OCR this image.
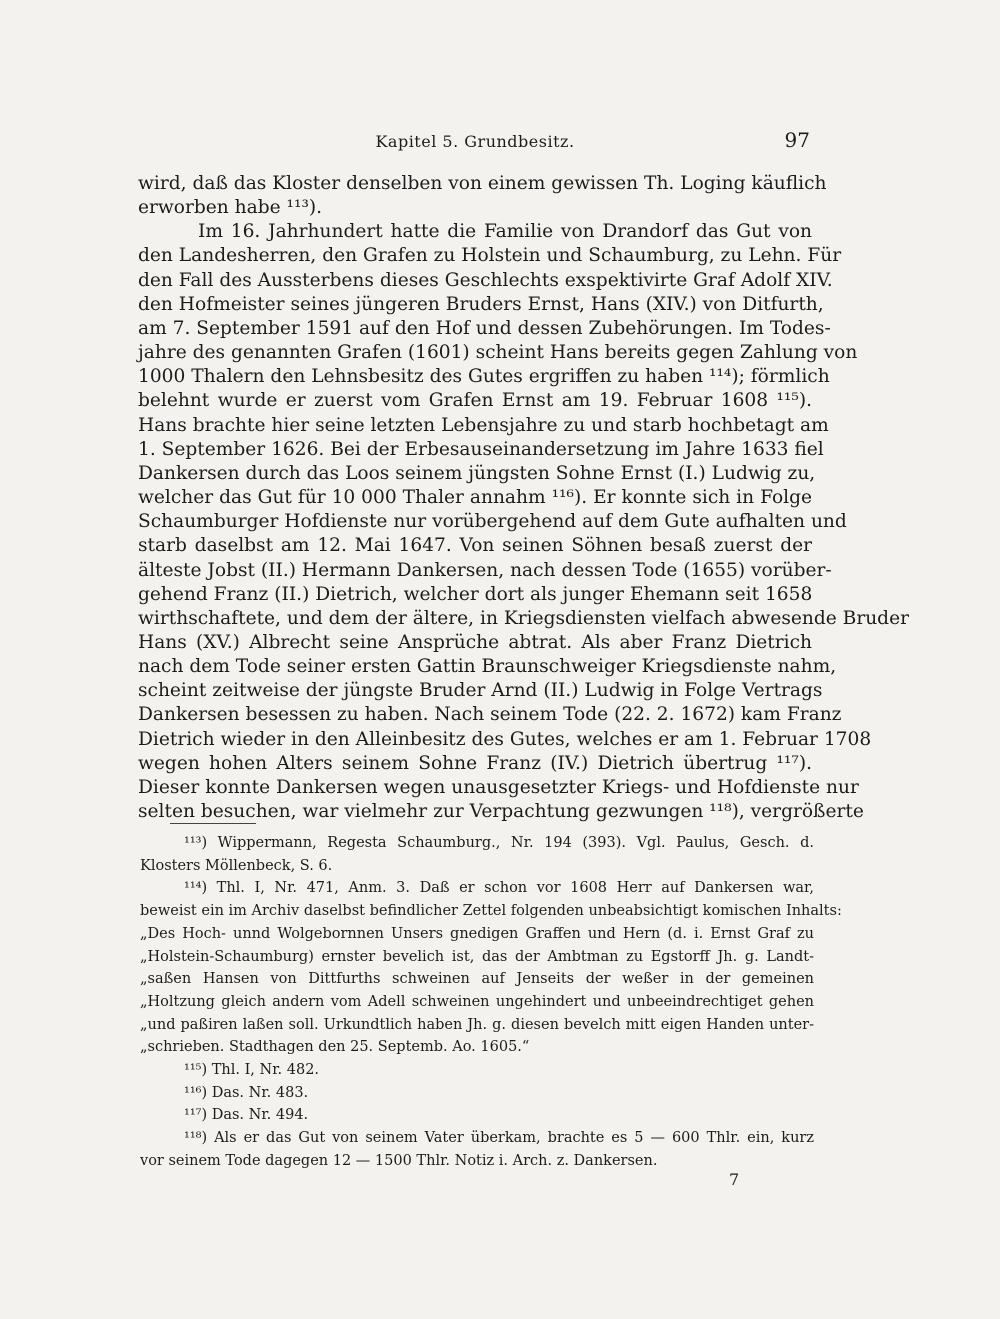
Kapitel 5. Grundbesitz.	97
wird, daß das Kloster denselben von einem gewissen Th. Loging käuflich
erworben habe ¹¹³).
Im 16. Jahrhundert hatte die Familie von Drandorf das Gut von
den Landesherren, den Grafen zu Holstein und Schaumburg, zu Lehn. Für
den Fall des Aussterbens dieses Geschlechts exspektivirte Graf Adolf XIV.
den Hofmeister seines jüngeren Bruders Ernst, Hans (XIV.) von Ditfurth,
am 7. September 1591 auf den Hof und dessen Zubehörungen. Im Todes-
jahre des genannten Grafen (1601) scheint Hans bereits gegen Zahlung von
1000 Thalern den Lehnsbesitz des Gutes ergriffen zu haben ¹¹⁴); förmlich
belehnt wurde er zuerst vom Grafen Ernst am 19. Februar 1608 ¹¹⁵).
Hans brachte hier seine letzten Lebensjahre zu und starb hochbetagt am
1. September 1626. Bei der Erbesauseinandersetzung im Jahre 1633 fiel
Dankersen durch das Loos seinem jüngsten Sohne Ernst (I.) Ludwig zu,
welcher das Gut für 10 000 Thaler annahm ¹¹⁶). Er konnte sich in Folge
Schaumburger Hofdienste nur vorübergehend auf dem Gute aufhalten und
starb daselbst am 12. Mai 1647. Von seinen Söhnen besaß zuerst der
älteste Jobst (II.) Hermann Dankersen, nach dessen Tode (1655) vorüber-
gehend Franz (II.) Dietrich, welcher dort als junger Ehemann seit 1658
wirthschaftete, und dem der ältere, in Kriegsdiensten vielfach abwesende Bruder
Hans (XV.) Albrecht seine Ansprüche abtrat. Als aber Franz Dietrich
nach dem Tode seiner ersten Gattin Braunschweiger Kriegsdienste nahm,
scheint zeitweise der jüngste Bruder Arnd (II.) Ludwig in Folge Vertrags
Dankersen besessen zu haben. Nach seinem Tode (22. 2. 1672) kam Franz
Dietrich wieder in den Alleinbesitz des Gutes, welches er am 1. Februar 1708
wegen hohen Alters seinem Sohne Franz (IV.) Dietrich übertrug ¹¹⁷).
Dieser konnte Dankersen wegen unausgesetzter Kriegs- und Hofdienste nur
selten besuchen, war vielmehr zur Verpachtung gezwungen ¹¹⁸), vergrößerte
¹¹³) Wippermann, Regesta Schaumburg., Nr. 194 (393). Vgl. Paulus, Gesch. d.
Klosters Möllenbeck, S. 6.
¹¹⁴) Thl. I, Nr. 471, Anm. 3. Daß er schon vor 1608 Herr auf Dankersen war,
beweist ein im Archiv daselbst befindlicher Zettel folgenden unbeabsichtigt komischen Inhalts:
„Des Hoch- unnd Wolgebornnen Unsers gnedigen Graffen und Hern (d. i. Ernst Graf zu
„Holstein-Schaumburg) ernster bevelich ist, das der Ambtman zu Egstorff Jh. g. Landt-
„saßen Hansen von Dittfurths schweinen auf Jenseits der weßer in der gemeinen
„Holtzung gleich andern vom Adell schweinen ungehindert und unbeeindrechtiget gehen
„und paßiren laßen soll. Urkundtlich haben Jh. g. diesen bevelch mitt eigen Handen unter-
„schrieben. Stadthagen den 25. Septemb. Ao. 1605.“
¹¹⁵) Thl. I, Nr. 482.
¹¹⁶) Das. Nr. 483.
¹¹⁷) Das. Nr. 494.
¹¹⁸) Als er das Gut von seinem Vater überkam, brachte es 5 — 600 Thlr. ein, kurz
vor seinem Tode dagegen 12 — 1500 Thlr. Notiz i. Arch. z. Dankersen.
7
